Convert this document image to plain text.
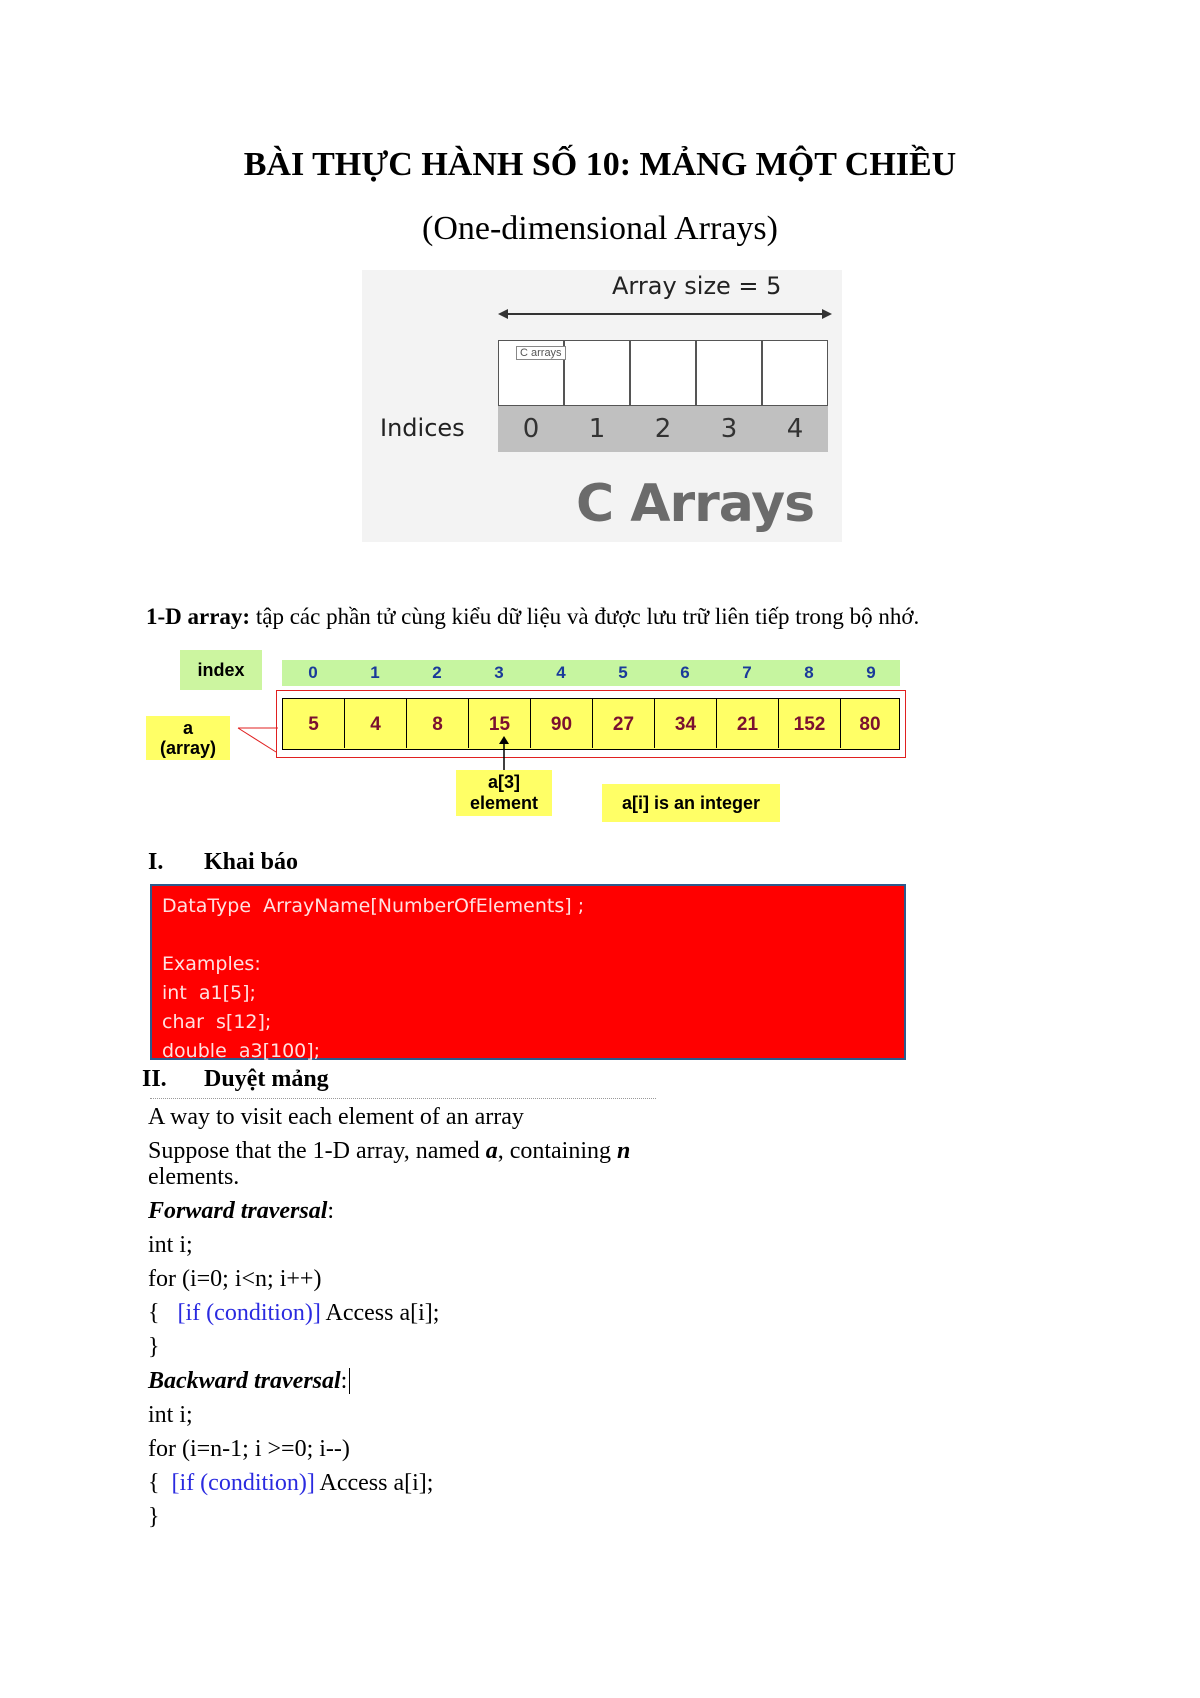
BÀI THỰC HÀNH SỐ 10: MẢNG MỘT CHIỀU
(One-dimensional Arrays)
Array size = 5
C arrays
0	1	2	3	4
Indices
C Arrays
1-D array: tập các phần tử cùng kiểu dữ liệu và được lưu trữ liên tiếp trong bộ nhớ.
index	0	1	2	3	4	5	6	7	8	9
5	4	8	15	90	27	34	21	152	80
a
(array)
a[3]
element	a[i] is an integer
I. Khai báo
DataType  ArrayName[NumberOfElements] ;

Examples:
int  a1[5];
char  s[12];
double  a3[100];
II. Duyệt mảng
A way to visit each element of an array
Suppose that the 1-D array, named a, containing n
elements.
Forward traversal:
int i;
for (i=0; i<n; i++)
{   [if (condition)] Access a[i];
}
Backward traversal:
int i;
for (i=n-1; i >=0; i--)
{  [if (condition)] Access a[i];
}
